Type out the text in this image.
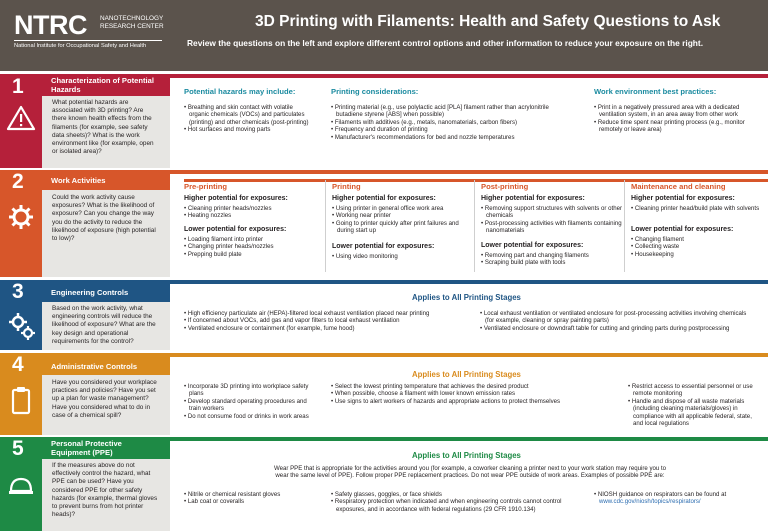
NTRC NANOTECHNOLOGY RESEARCH CENTER
National Institute for Occupational Safety and Health
3D Printing with Filaments: Health and Safety Questions to Ask
Review the questions on the left and explore different control options and other information to reduce your exposure on the right.
1	Characterization of Potential Hazards
What potential hazards are associated with 3D printing? Are there known health effects from the filaments (for example, see safety data sheets)? What is the work environment like (for example, open or isolated area)?
Potential hazards may include:
• Breathing and skin contact with volatile organic chemicals (VOCs) and particulates (printing) and other chemicals (post-printing)
• Hot surfaces and moving parts
Printing considerations:
• Printing material (e.g., use polylactic acid [PLA] filament rather than acrylonitrile butadiene styrene [ABS] when possible)
• Filaments with additives (e.g., metals, nanomaterials, carbon fibers)
• Frequency and duration of printing
• Manufacturer's recommendations for bed and nozzle temperatures
Work environment best practices:
• Print in a negatively pressured area with a dedicated ventilation system, in an area away from other work
• Reduce time spent near printing process (e.g., monitor remotely or leave area)
2	Work Activities
Could the work activity cause exposures? What is the likelihood of exposure? Can you change the way you do the activity to reduce the likelihood of exposure (high potential to low)?
Pre-printing
Higher potential for exposures:
• Cleaning printer heads/nozzles
• Heating nozzles
Lower potential for exposures:
• Loading filament into printer
• Changing printer heads/nozzles
• Prepping build plate
Printing
Higher potential for exposures:
• Using printer in general office work area
• Working near printer
• Going to printer quickly after print failures and during start up
Lower potential for exposures:
• Using video monitoring
Post-printing
Higher potential for exposures:
• Removing support structures with solvents or other chemicals
• Post-processing activities with filaments containing nanomaterials
Lower potential for exposures:
• Removing part and changing filaments
• Scraping build plate with tools
Maintenance and cleaning
Higher potential for exposures:
• Cleaning printer head/build plate with solvents
Lower potential for exposures:
• Changing filament
• Collecting waste
• Housekeeping
3	Engineering Controls
Based on the work activity, what engineering controls will reduce the likelihood of exposure? What are the key design and operational requirements for the control?
Applies to All Printing Stages
• High efficiency particulate air (HEPA)-filtered local exhaust ventilation placed near printing
• If concerned about VOCs, add gas and vapor filters to local exhaust ventilation
• Ventilated enclosure or containment (for example, fume hood)
• Local exhaust ventilation or ventilated enclosure for post-processing activities involving chemicals (for example, cleaning or spray painting parts)
• Ventilated enclosure or downdraft table for cutting and grinding parts during postprocessing
4	Administrative Controls
Have you considered your workplace practices and policies? Have you set up a plan for waste management? Have you considered what to do in case of a chemical spill?
Applies to All Printing Stages
• Incorporate 3D printing into workplace safety plans
• Develop standard operating procedures and train workers
• Do not consume food or drinks in work areas
• Select the lowest printing temperature that achieves the desired product
• When possible, choose a filament with lower known emission rates
• Use signs to alert workers of hazards and appropriate actions to protect themselves
• Restrict access to essential personnel or use remote monitoring
• Handle and dispose of all waste materials (including cleaning materials/gloves) in compliance with all applicable federal, state, and local regulations
5	Personal Protective Equipment (PPE)
If the measures above do not effectively control the hazard, what PPE can be used? Have you considered PPE for other safety hazards (for example, thermal gloves to prevent burns from hot printer heads)?
Applies to All Printing Stages
Wear PPE that is appropriate for the activities around you (for example, a coworker cleaning a printer next to your work station may require you to wear the same level of PPE). Follow proper PPE replacement practices. Do not wear PPE outside of work areas. Examples of possible PPE are:
• Nitrile or chemical resistant gloves
• Lab coat or coveralls
• Safety glasses, goggles, or face shields
• Respiratory protection when indicated and when engineering controls cannot control exposures, and in accordance with federal regulations (29 CFR 1910.134)
• NIOSH guidance on respirators can be found at www.cdc.gov/niosh/topics/respirators/
